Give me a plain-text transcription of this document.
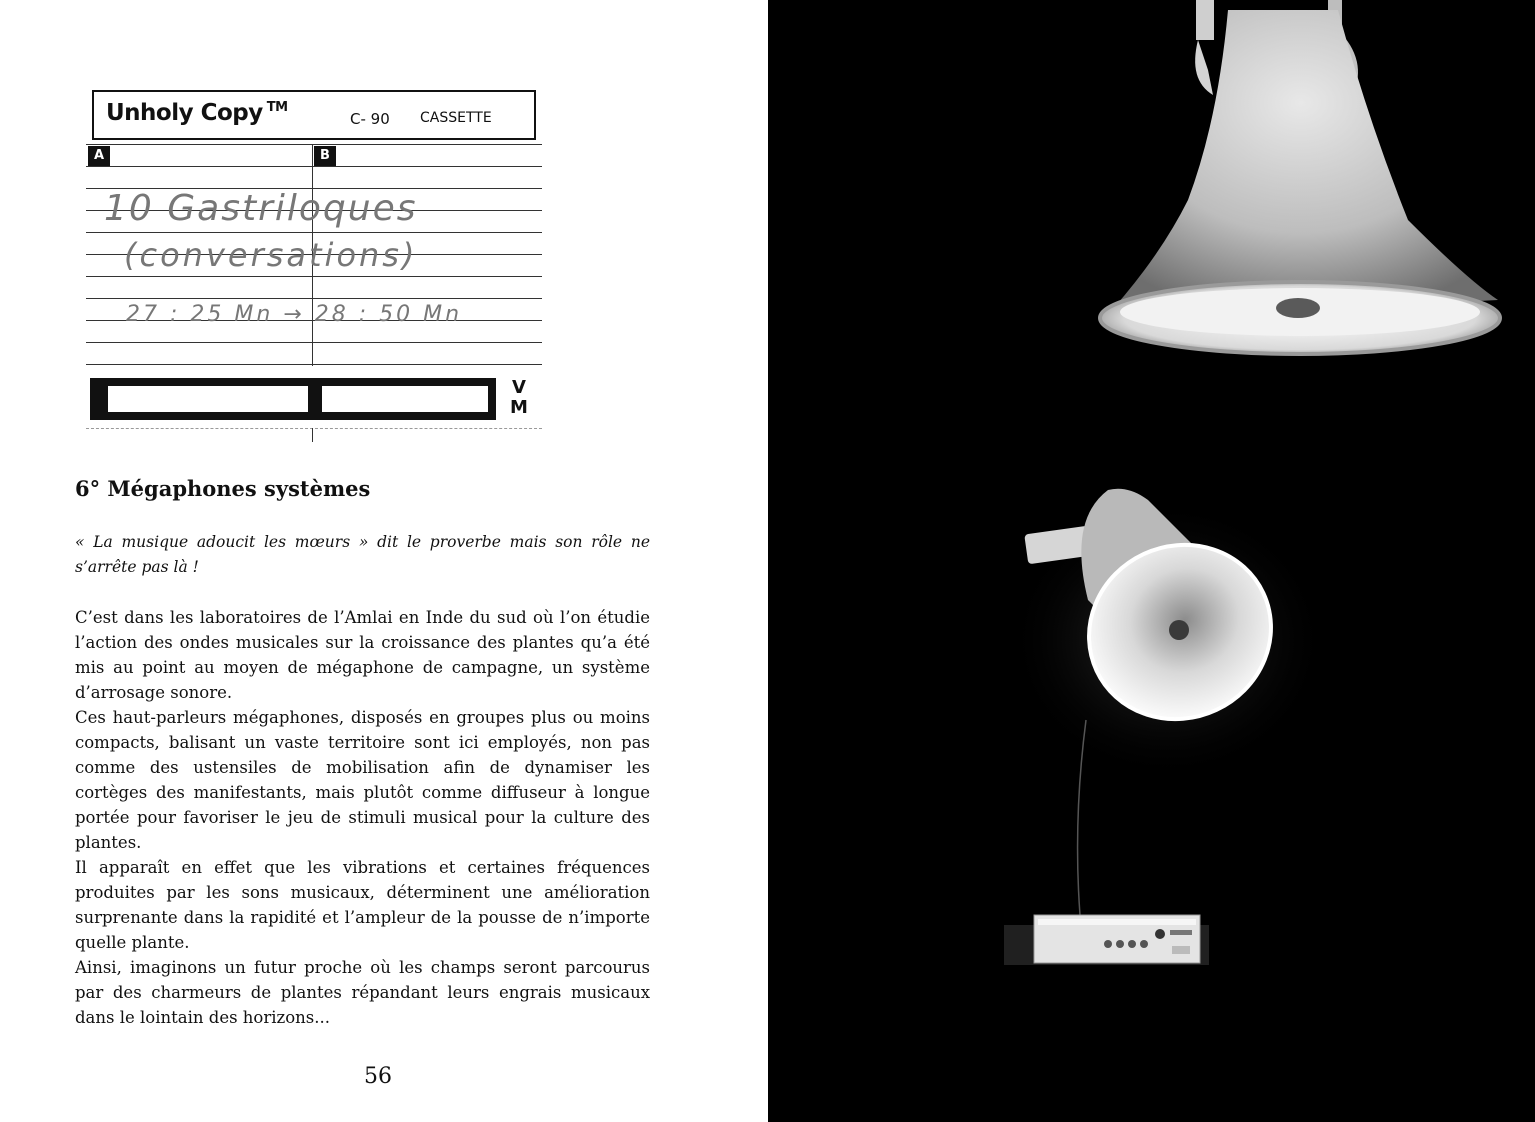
Unholy Copy ™
C- 90 CASSETTE
A	B
10 Gastriloques
(conversations)
27 : 25 Mn → 28 : 50 Mn
VM
6° Mégaphones systèmes
« La musique adoucit les mœurs » dit le proverbe mais son rôle ne s’arrête pas là !

C’est dans les laboratoires de l’Amlai en Inde du sud où l’on étudie l’action des ondes musicales sur la croissance des plantes qu’a été mis au point au moyen de mégaphone de campagne, un système d’arrosage sonore.

Ces haut-parleurs mégaphones, disposés en groupes plus ou moins compacts, balisant un vaste territoire sont ici employés, non pas comme des ustensiles de mobilisation afin de dynamiser les cortèges des manifestants, mais plutôt comme diffuseur à longue portée pour favoriser le jeu de stimuli musical pour la culture des plantes.

Il apparaît en effet que les vibrations et certaines fréquences produites par les sons musicaux, déterminent une amélioration surprenante dans la rapidité et l’ampleur de la pousse de n’importe quelle plante.

Ainsi, imaginons un futur proche où les champs seront parcourus par des charmeurs de plantes répandant leurs engrais musicaux dans le lointain des horizons...

56
